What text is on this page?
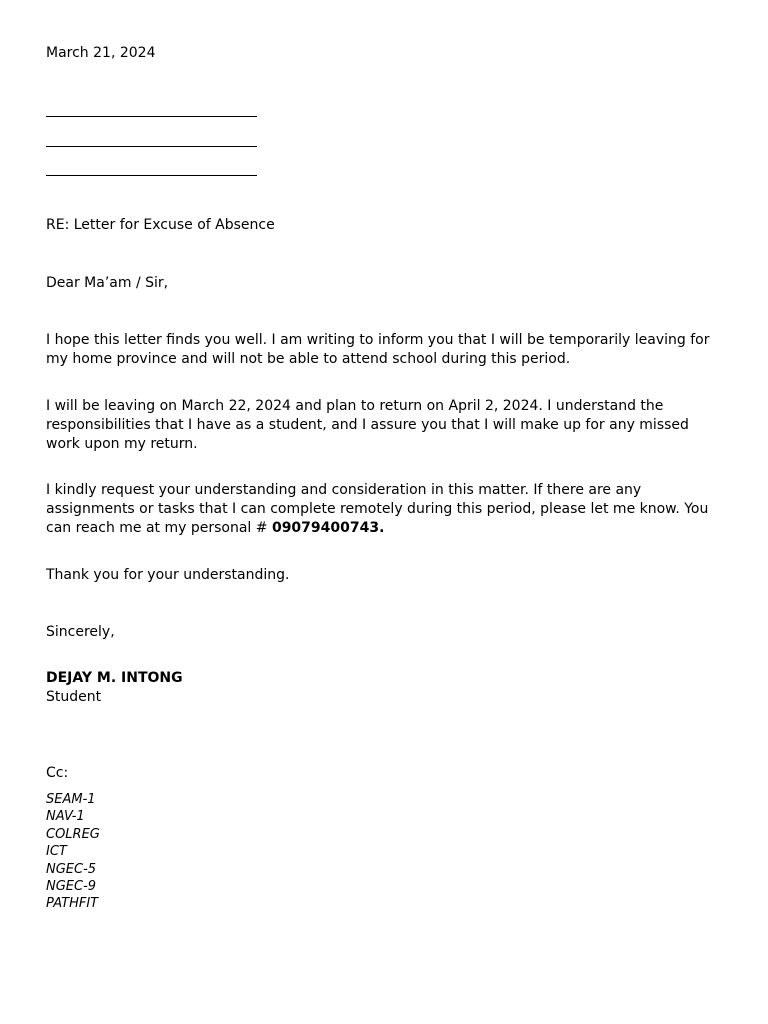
March 21, 2024
RE: Letter for Excuse of Absence
Dear Ma’am / Sir,
I hope this letter finds you well. I am writing to inform you that I will be temporarily leaving for my home province and will not be able to attend school during this period.
I will be leaving on March 22, 2024 and plan to return on April 2, 2024. I understand the responsibilities that I have as a student, and I assure you that I will make up for any missed work upon my return.
I kindly request your understanding and consideration in this matter. If there are any assignments or tasks that I can complete remotely during this period, please let me know. You can reach me at my personal # 09079400743.
Thank you for your understanding.
Sincerely,
DEJAY M. INTONG
Student
Cc:
SEAM-1
NAV-1
COLREG
ICT
NGEC-5
NGEC-9
PATHFIT
